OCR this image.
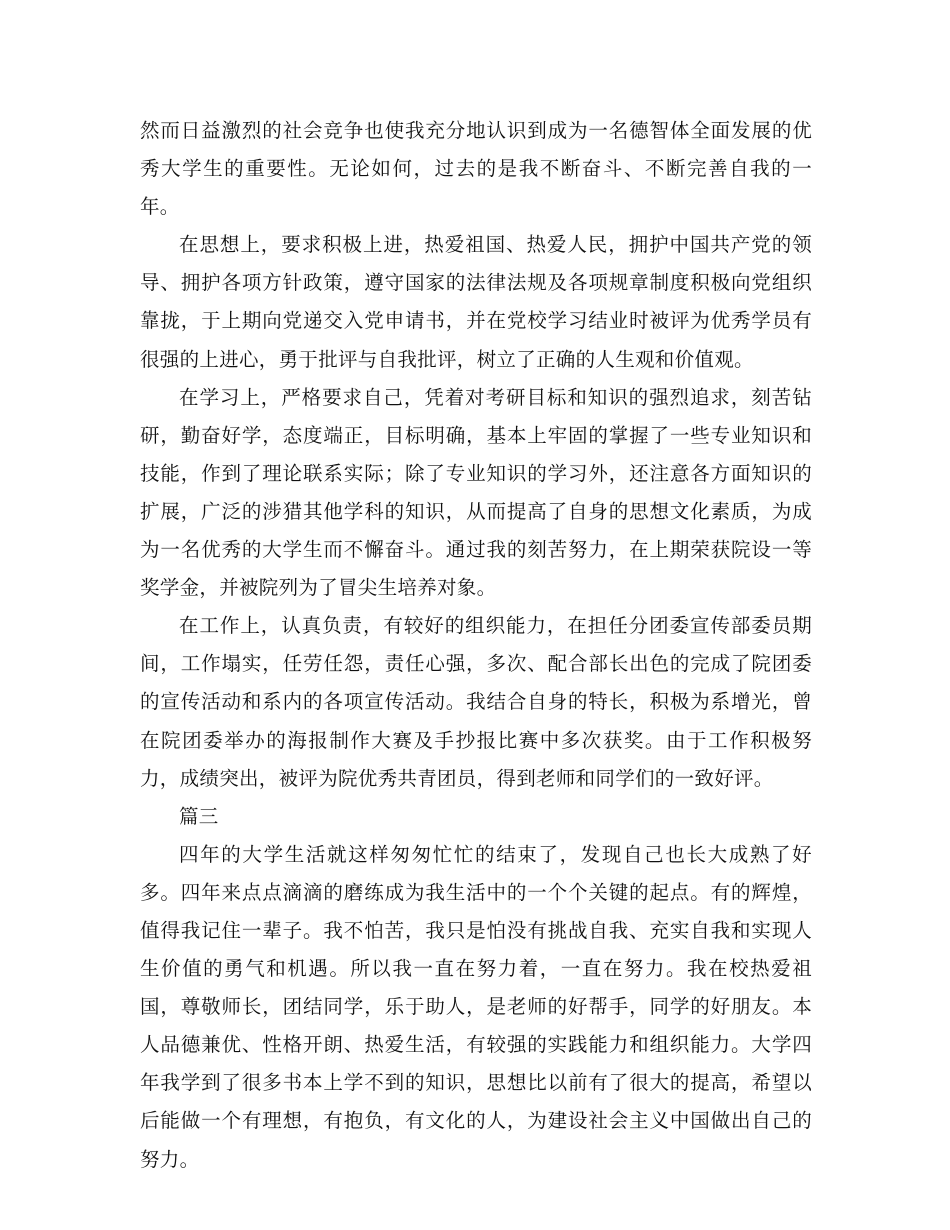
然而日益激烈的社会竞争也使我充分地认识到成为一名德智体全面发展的优秀大学生的重要性。无论如何，过去的是我不断奋斗、不断完善自我的一年。

在思想上，要求积极上进，热爱祖国、热爱人民，拥护中国共产党的领导、拥护各项方针政策，遵守国家的法律法规及各项规章制度积极向党组织靠拢，于上期向党递交入党申请书，并在党校学习结业时被评为优秀学员有很强的上进心，勇于批评与自我批评，树立了正确的人生观和价值观。

在学习上，严格要求自己，凭着对考研目标和知识的强烈追求，刻苦钻研，勤奋好学，态度端正，目标明确，基本上牢固的掌握了一些专业知识和技能，作到了理论联系实际；除了专业知识的学习外，还注意各方面知识的扩展，广泛的涉猎其他学科的知识，从而提高了自身的思想文化素质，为成为一名优秀的大学生而不懈奋斗。通过我的刻苦努力，在上期荣获院设一等奖学金，并被院列为了冒尖生培养对象。

在工作上，认真负责，有较好的组织能力，在担任分团委宣传部委员期间，工作塌实，任劳任怨，责任心强，多次、配合部长出色的完成了院团委的宣传活动和系内的各项宣传活动。我结合自身的特长，积极为系增光，曾在院团委举办的海报制作大赛及手抄报比赛中多次获奖。由于工作积极努力，成绩突出，被评为院优秀共青团员，得到老师和同学们的一致好评。

篇三

四年的大学生活就这样匆匆忙忙的结束了，发现自己也长大成熟了好多。四年来点点滴滴的磨练成为我生活中的一个个关键的起点。有的辉煌，值得我记住一辈子。我不怕苦，我只是怕没有挑战自我、充实自我和实现人生价值的勇气和机遇。所以我一直在努力着，一直在努力。我在校热爱祖国，尊敬师长，团结同学，乐于助人，是老师的好帮手，同学的好朋友。本人品德兼优、性格开朗、热爱生活，有较强的实践能力和组织能力。大学四年我学到了很多书本上学不到的知识，思想比以前有了很大的提高，希望以后能做一个有理想，有抱负，有文化的人，为建设社会主义中国做出自己的努力。
